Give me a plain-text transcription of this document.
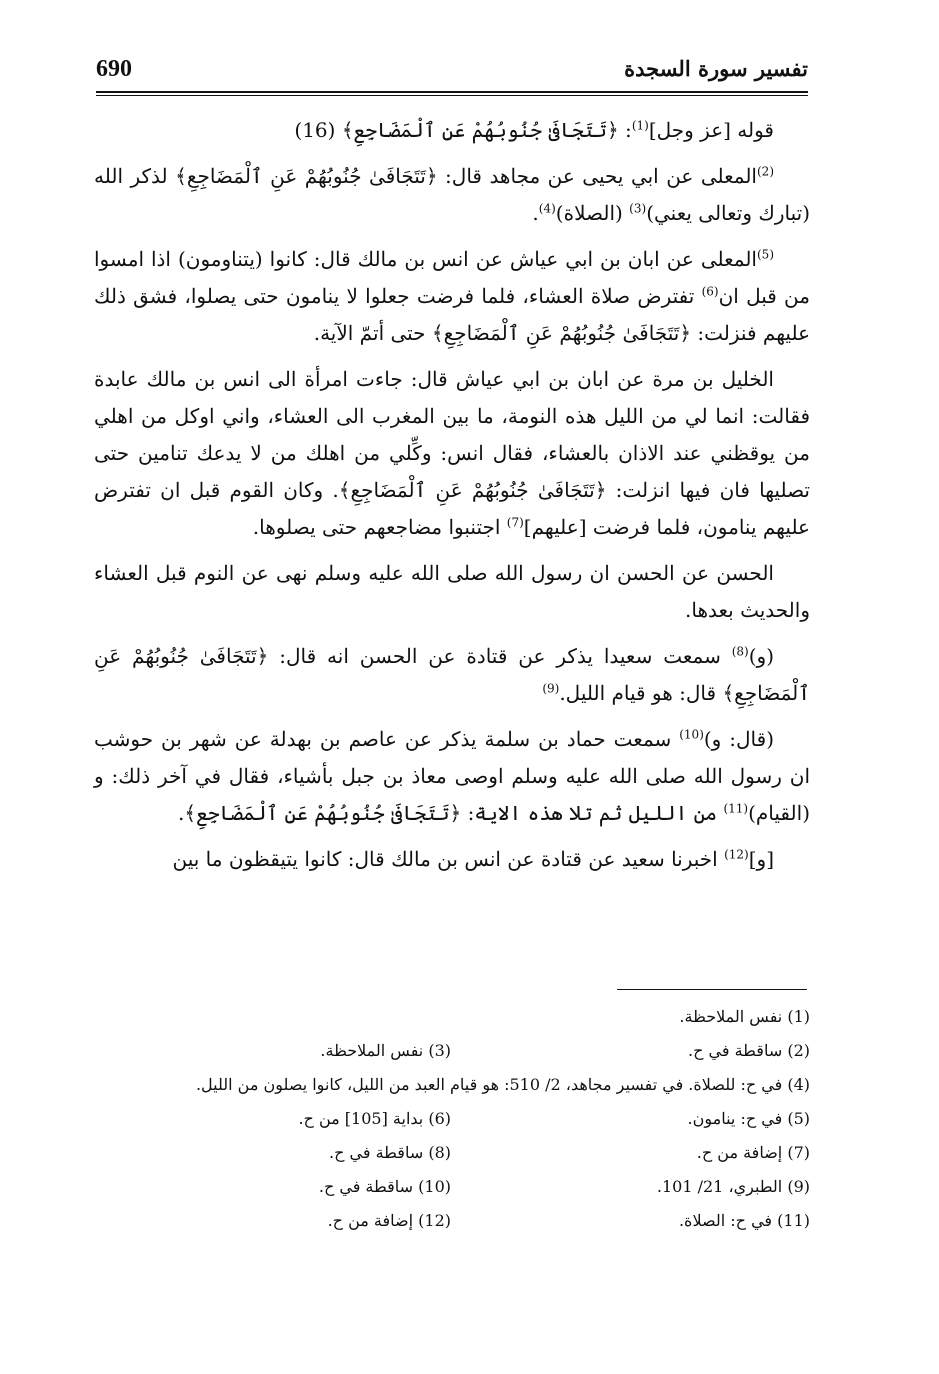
690	تفسير سورة السجدة

قوله [عز وجل]$^{(1)}$: ﴿تَتَجَافَىٰ جُنُوبُهُمْ عَنِ ٱلْمَضَاجِعِ﴾ (16)

$^{(2)}$المعلى عن ابي يحيى عن مجاهد قال: ﴿تَتَجَافَىٰ جُنُوبُهُمْ عَنِ ٱلْمَضَاجِعِ﴾ لذكر الله (تبارك وتعالى يعني)$^{(3)}$ (الصلاة)$^{(4)}$.

$^{(5)}$المعلى عن ابان بن ابي عياش عن انس بن مالك قال: كانوا (يتناومون) اذا امسوا من قبل ان$^{(6)}$ تفترض صلاة العشاء، فلما فرضت جعلوا لا ينامون حتى يصلوا، فشق ذلك عليهم فنزلت: ﴿تَتَجَافَىٰ جُنُوبُهُمْ عَنِ ٱلْمَضَاجِعِ﴾ حتى أتمّ الآية.

الخليل بن مرة عن ابان بن ابي عياش قال: جاءت امرأة الى انس بن مالك عابدة فقالت: انما لي من الليل هذه النومة، ما بين المغرب الى العشاء، واني اوكل من اهلي من يوقظني عند الاذان بالعشاء، فقال انس: وكِّلي من اهلك من لا يدعك تنامين حتى تصليها فان فيها انزلت: ﴿تَتَجَافَىٰ جُنُوبُهُمْ عَنِ ٱلْمَضَاجِعِ﴾. وكان القوم قبل ان تفترض عليهم ينامون، فلما فرضت [عليهم]$^{(7)}$ اجتنبوا مضاجعهم حتى يصلوها.

الحسن عن الحسن ان رسول الله صلى الله عليه وسلم نهى عن النوم قبل العشاء والحديث بعدها.

(و)$^{(8)}$ سمعت سعيدا يذكر عن قتادة عن الحسن انه قال: ﴿تَتَجَافَىٰ جُنُوبُهُمْ عَنِ ٱلْمَضَاجِعِ﴾ قال: هو قيام الليل.$^{(9)}$

(قال: و)$^{(10)}$ سمعت حماد بن سلمة يذكر عن عاصم بن بهدلة عن شهر بن حوشب ان رسول الله صلى الله عليه وسلم اوصى معاذ بن جبل بأشياء، فقال في آخر ذلك: و (القيام)$^{(11)}$ من الليل ثم تلا هذه الاية: ﴿تَتَجَافَىٰ جُنُوبُهُمْ عَنِ ٱلْمَضَاجِعِ﴾.

[و]$^{(12)}$ اخبرنا سعيد عن قتادة عن انس بن مالك قال: كانوا يتيقظون ما بين

(1) نفس الملاحظة.
(2) ساقطة في ح.
(3) نفس الملاحظة.
(4) في ح: للصلاة. في تفسير مجاهد، 2/ 510: هو قيام العبد من الليل، كانوا يصلون من الليل.
(5) في ح: ينامون.
(6) بداية [105] من ح.
(7) إضافة من ح.
(8) ساقطة في ح.
(9) الطبري، 21/ 101.
(10) ساقطة في ح.
(11) في ح: الصلاة.
(12) إضافة من ح.
